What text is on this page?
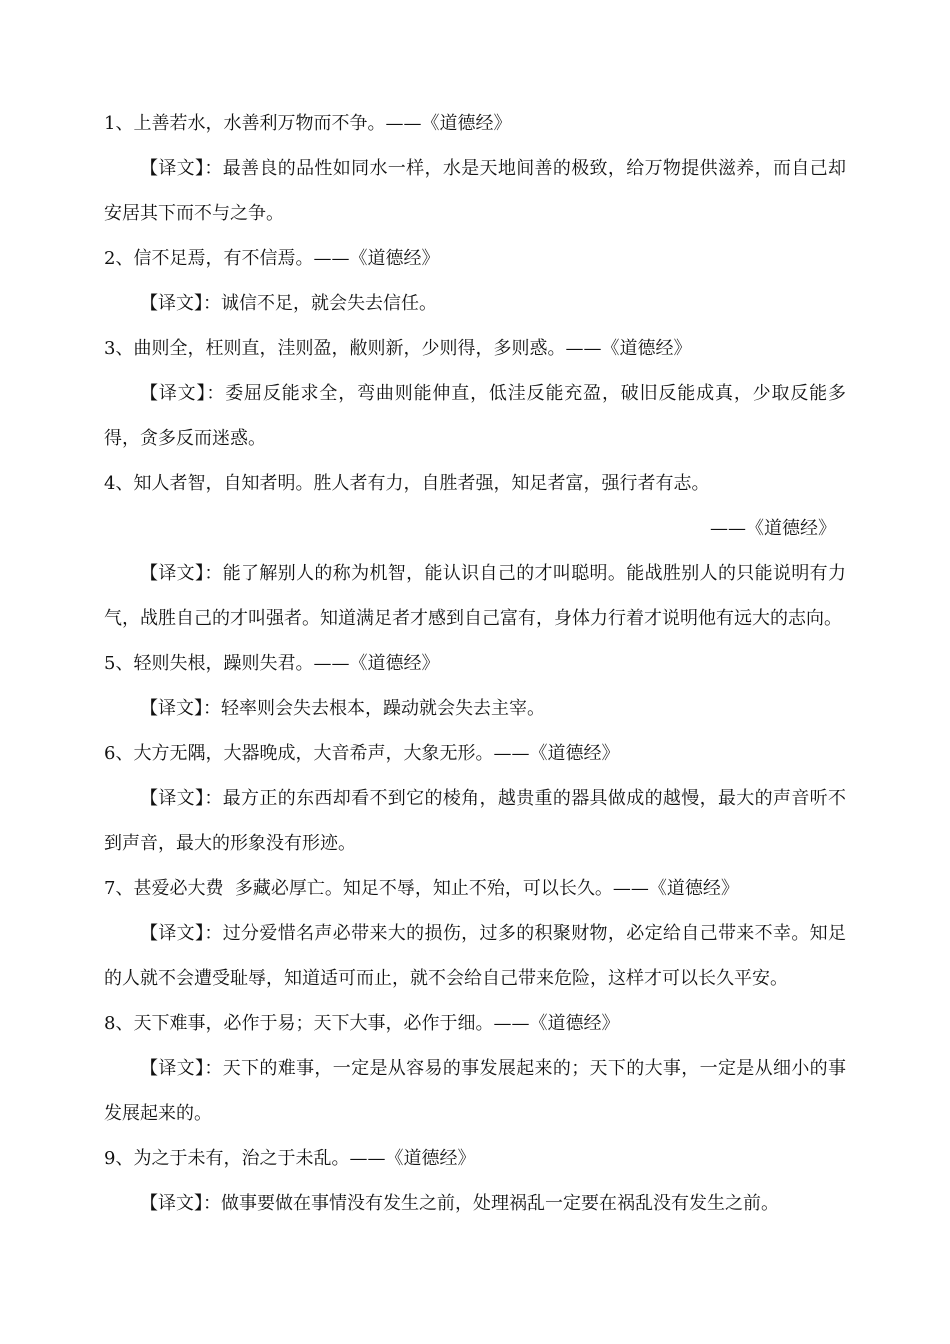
1、上善若水，水善利万物而不争。——《道德经》

【译文】：最善良的品性如同水一样，水是天地间善的极致，给万物提供滋养，而自己却安居其下而不与之争。

2、信不足焉，有不信焉。——《道德经》

【译文】：诚信不足，就会失去信任。

3、曲则全，枉则直，洼则盈，敝则新，少则得，多则惑。——《道德经》

【译文】：委屈反能求全，弯曲则能伸直，低洼反能充盈，破旧反能成真，少取反能多得，贪多反而迷惑。

4、知人者智，自知者明。胜人者有力，自胜者强，知足者富，强行者有志。

——《道德经》

【译文】：能了解别人的称为机智，能认识自己的才叫聪明。能战胜别人的只能说明有力气，战胜自己的才叫强者。知道满足者才感到自己富有，身体力行着才说明他有远大的志向。

5、轻则失根，躁则失君。——《道德经》

【译文】：轻率则会失去根本，躁动就会失去主宰。

6、大方无隅，大器晚成，大音希声，大象无形。——《道德经》

【译文】：最方正的东西却看不到它的棱角，越贵重的器具做成的越慢，最大的声音听不到声音，最大的形象没有形迹。

7、甚爱必大费  多藏必厚亡。知足不辱，知止不殆，可以长久。——《道德经》

【译文】：过分爱惜名声必带来大的损伤，过多的积聚财物，必定给自己带来不幸。知足的人就不会遭受耻辱，知道适可而止，就不会给自己带来危险，这样才可以长久平安。

8、天下难事，必作于易；天下大事，必作于细。——《道德经》

【译文】：天下的难事，一定是从容易的事发展起来的；天下的大事，一定是从细小的事发展起来的。

9、为之于未有，治之于未乱。——《道德经》

【译文】：做事要做在事情没有发生之前，处理祸乱一定要在祸乱没有发生之前。
